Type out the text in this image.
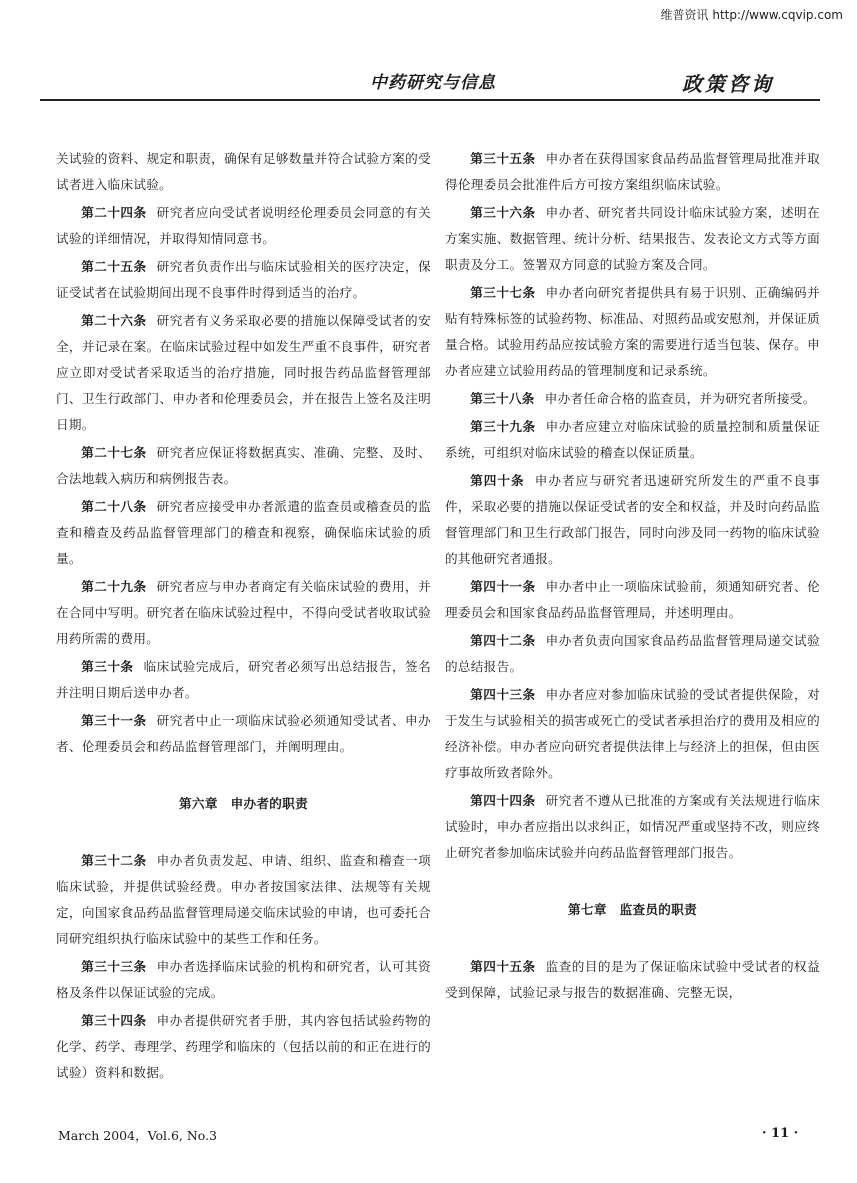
维普资讯 http://www.cqvip.com
中药研究与信息	政策咨询

关试验的资料、规定和职责，确保有足够数量并符合试验方案的受试者进入临床试验。

第二十四条 研究者应向受试者说明经伦理委员会同意的有关试验的详细情况，并取得知情同意书。

第二十五条 研究者负责作出与临床试验相关的医疗决定，保证受试者在试验期间出现不良事件时得到适当的治疗。

第二十六条 研究者有义务采取必要的措施以保障受试者的安全，并记录在案。在临床试验过程中如发生严重不良事件，研究者应立即对受试者采取适当的治疗措施，同时报告药品监督管理部门、卫生行政部门、申办者和伦理委员会，并在报告上签名及注明日期。

第二十七条 研究者应保证将数据真实、准确、完整、及时、合法地载入病历和病例报告表。

第二十八条 研究者应接受申办者派遣的监查员或稽查员的监查和稽查及药品监督管理部门的稽查和视察，确保临床试验的质量。

第二十九条 研究者应与申办者商定有关临床试验的费用，并在合同中写明。研究者在临床试验过程中，不得向受试者收取试验用药所需的费用。

第三十条 临床试验完成后，研究者必须写出总结报告，签名并注明日期后送申办者。

第三十一条 研究者中止一项临床试验必须通知受试者、申办者、伦理委员会和药品监督管理部门，并阐明理由。

第六章　申办者的职责

第三十二条 申办者负责发起、申请、组织、监查和稽查一项临床试验，并提供试验经费。申办者按国家法律、法规等有关规定，向国家食品药品监督管理局递交临床试验的申请，也可委托合同研究组织执行临床试验中的某些工作和任务。

第三十三条 申办者选择临床试验的机构和研究者，认可其资格及条件以保证试验的完成。

第三十四条 申办者提供研究者手册，其内容包括试验药物的化学、药学、毒理学、药理学和临床的（包括以前的和正在进行的试验）资料和数据。

第三十五条 申办者在获得国家食品药品监督管理局批准并取得伦理委员会批准件后方可按方案组织临床试验。

第三十六条 申办者、研究者共同设计临床试验方案，述明在方案实施、数据管理、统计分析、结果报告、发表论文方式等方面职责及分工。签署双方同意的试验方案及合同。

第三十七条 申办者向研究者提供具有易于识别、正确编码并贴有特殊标签的试验药物、标准品、对照药品或安慰剂，并保证质量合格。试验用药品应按试验方案的需要进行适当包装、保存。申办者应建立试验用药品的管理制度和记录系统。

第三十八条 申办者任命合格的监查员，并为研究者所接受。

第三十九条 申办者应建立对临床试验的质量控制和质量保证系统，可组织对临床试验的稽查以保证质量。

第四十条 申办者应与研究者迅速研究所发生的严重不良事件，采取必要的措施以保证受试者的安全和权益，并及时向药品监督管理部门和卫生行政部门报告，同时向涉及同一药物的临床试验的其他研究者通报。

第四十一条 申办者中止一项临床试验前，须通知研究者、伦理委员会和国家食品药品监督管理局，并述明理由。

第四十二条 申办者负责向国家食品药品监督管理局递交试验的总结报告。

第四十三条 申办者应对参加临床试验的受试者提供保险，对于发生与试验相关的损害或死亡的受试者承担治疗的费用及相应的经济补偿。申办者应向研究者提供法律上与经济上的担保，但由医疗事故所致者除外。

第四十四条 研究者不遵从已批准的方案或有关法规进行临床试验时，申办者应指出以求纠正，如情况严重或坚持不改，则应终止研究者参加临床试验并向药品监督管理部门报告。

第七章　监查员的职责

第四十五条 监查的目的是为了保证临床试验中受试者的权益受到保障，试验记录与报告的数据准确、完整无误，

March 2004，Vol.6, No.3	· 11 ·
